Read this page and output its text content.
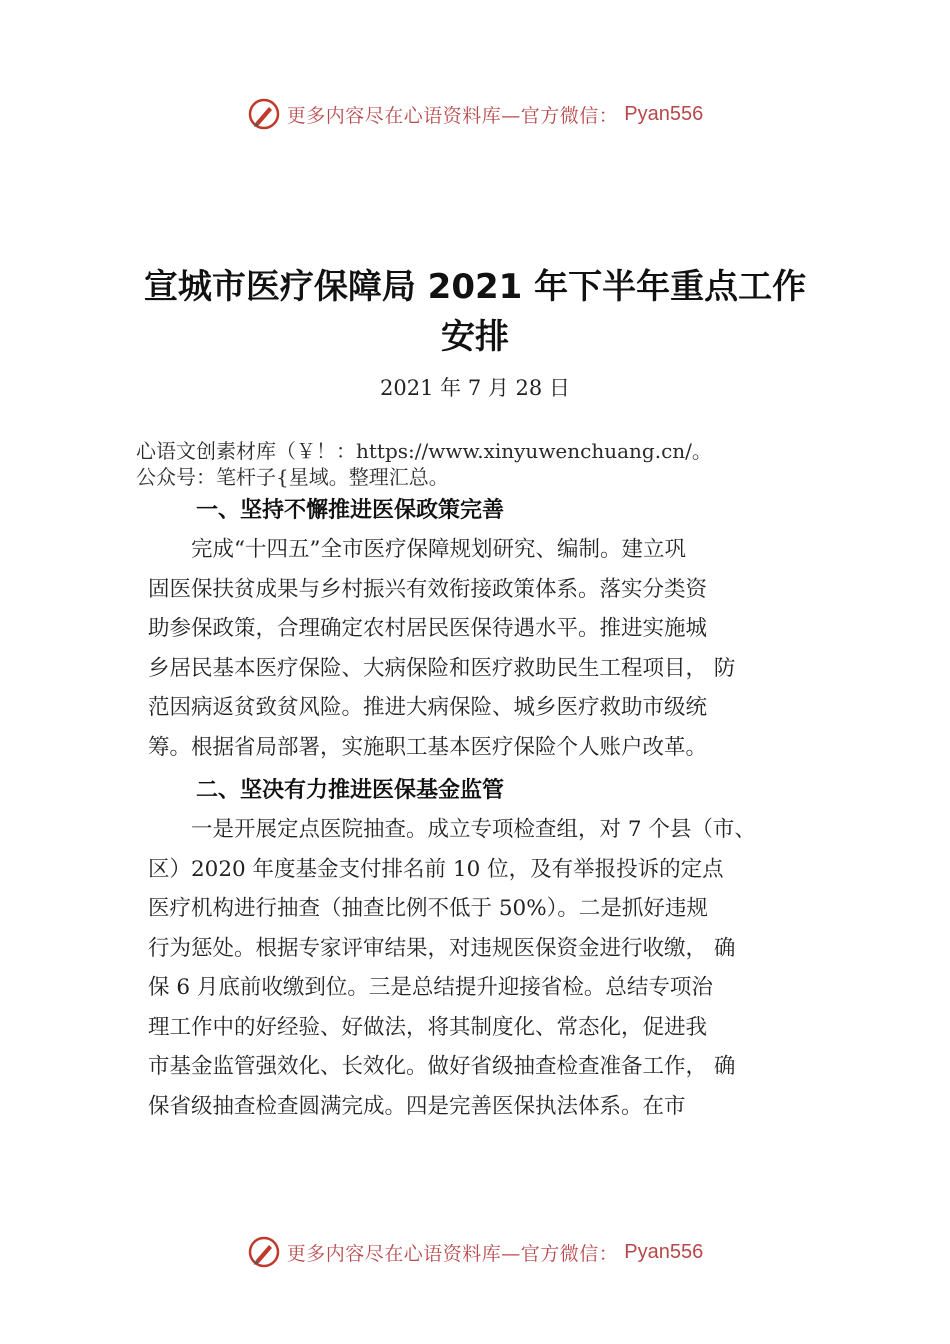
更多内容尽在心语资料库—官方微信： Pyan556
宣城市医疗保障局 2021 年下半年重点工作
安排
2021 年 7 月 28 日
心语文创素材库（￥！：https://www.xinyuwenchuang.cn/。
公众号：笔杆子{星域。整理汇总。
一、坚持不懈推进医保政策完善
　　完成“十四五”全市医疗保障规划研究、编制。建立巩
固医保扶贫成果与乡村振兴有效衔接政策体系。落实分类资
助参保政策，合理确定农村居民医保待遇水平。推进实施城
乡居民基本医疗保险、大病保险和医疗救助民生工程项目， 防
范因病返贫致贫风险。推进大病保险、城乡医疗救助市级统
筹。根据省局部署，实施职工基本医疗保险个人账户改革。
二、坚决有力推进医保基金监管
　　一是开展定点医院抽查。成立专项检查组，对 7 个县（市、
区）2020 年度基金支付排名前 10 位，及有举报投诉的定点
医疗机构进行抽查（抽查比例不低于 50%）。二是抓好违规
行为惩处。根据专家评审结果，对违规医保资金进行收缴， 确
保 6 月底前收缴到位。三是总结提升迎接省检。总结专项治
理工作中的好经验、好做法，将其制度化、常态化，促进我
市基金监管强效化、长效化。做好省级抽查检查准备工作， 确
保省级抽查检查圆满完成。四是完善医保执法体系。在市
更多内容尽在心语资料库—官方微信： Pyan556
